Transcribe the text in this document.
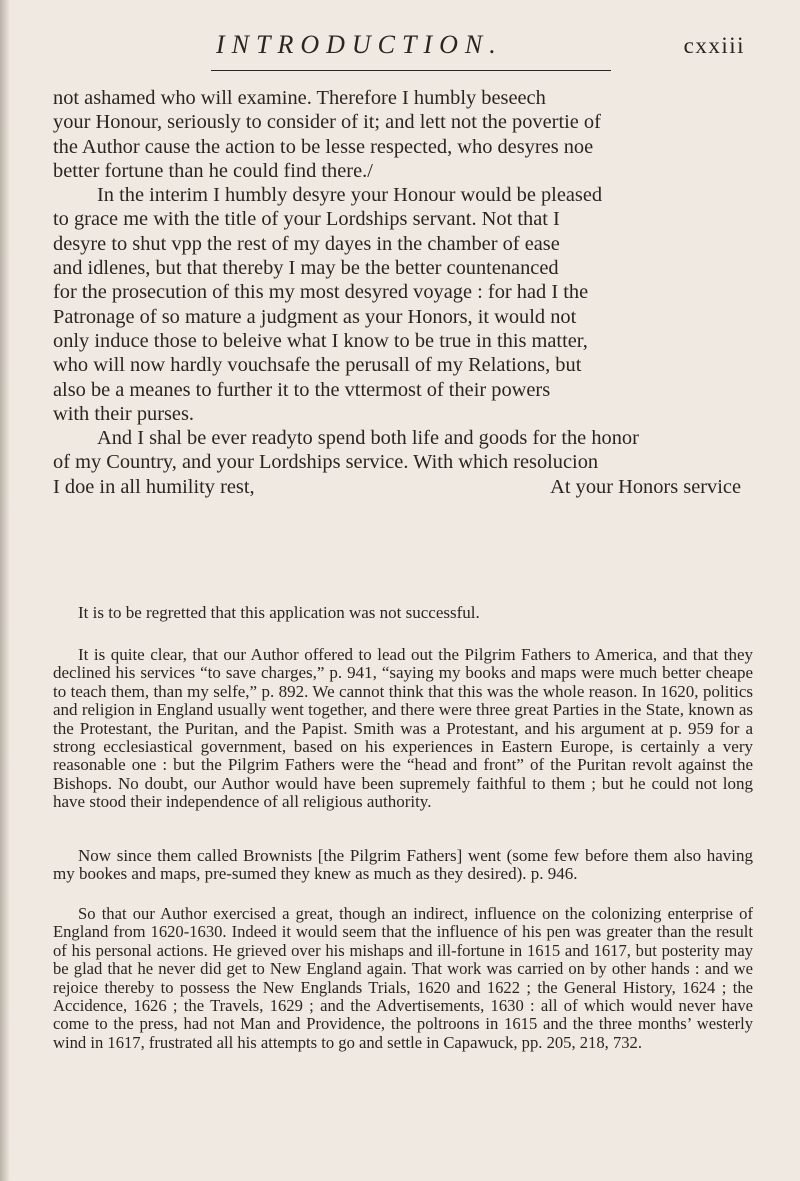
INTRODUCTION.	cxxiii
not ashamed who will examine. Therefore I humbly beseech
your Honour, seriously to consider of it; and lett not the povertie of
the Author cause the action to be lesse respected, who desyres noe
better fortune than he could find there./
In the interim I humbly desyre your Honour would be pleased
to grace me with the title of your Lordships servant. Not that I
desyre to shut vpp the rest of my dayes in the chamber of ease
and idlenes, but that thereby I may be the better countenanced
for the prosecution of this my most desyred voyage : for had I the
Patronage of so mature a judgment as your Honors, it would not
only induce those to beleive what I know to be true in this matter,
who will now hardly vouchsafe the perusall of my Relations, but
also be a meanes to further it to the vttermost of their powers
with their purses.
And I shal be ever readyto spend both life and goods for the honor
of my Country, and your Lordships service. With which resolucion
I doe in all humility rest,	At your Honors service

It is to be regretted that this application was not successful.

It is quite clear, that our Author offered to lead out the Pilgrim Fathers to America, and that they declined his services “to save charges,” p. 941, “saying my books and maps were much better cheape to teach them, than my selfe,” p. 892. We cannot think that this was the whole reason. In 1620, politics and religion in England usually went together, and there were three great Parties in the State, known as the Protestant, the Puritan, and the Papist. Smith was a Protestant, and his argument at p. 959 for a strong ecclesiastical government, based on his experiences in Eastern Europe, is certainly a very reasonable one : but the Pilgrim Fathers were the “head and front” of the Puritan revolt against the Bishops. No doubt, our Author would have been supremely faithful to them ; but he could not long have stood their independence of all religious authority.

Now since them called Brownists [the Pilgrim Fathers] went (some few before them also having my bookes and maps, pre-sumed they knew as much as they desired). p. 946.

So that our Author exercised a great, though an indirect, influence on the colonizing enterprise of England from 1620-1630. Indeed it would seem that the influence of his pen was greater than the result of his personal actions. He grieved over his mishaps and ill-fortune in 1615 and 1617, but posterity may be glad that he never did get to New England again. That work was carried on by other hands : and we rejoice thereby to possess the New Englands Trials, 1620 and 1622 ; the General History, 1624 ; the Accidence, 1626 ; the Travels, 1629 ; and the Advertisements, 1630 : all of which would never have come to the press, had not Man and Providence, the poltroons in 1615 and the three months’ westerly wind in 1617, frustrated all his attempts to go and settle in Capawuck, pp. 205, 218, 732.
